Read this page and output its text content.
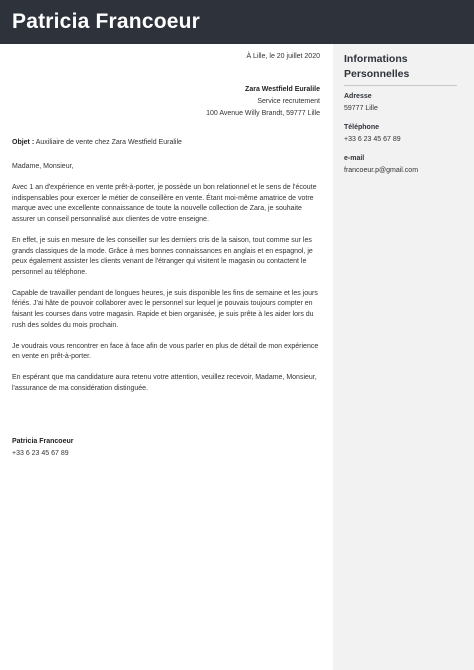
Patricia Francoeur
À Lille, le 20 juillet 2020
Zara Westfield Euralile
Service recrutement
100 Avenue Willy Brandt, 59777 Lille
Objet : Auxiliaire de vente chez Zara Westfield Euralile

Madame, Monsieur,

Avec 1 an d'expérience en vente prêt-à-porter, je possède un bon relationnel et le sens de l'écoute indispensables pour exercer le métier de conseillère en vente. Étant moi-même amatrice de votre marque avec une excellente connaissance de toute la nouvelle collection de Zara, je souhaite assurer un conseil personnalisé aux clientes de votre enseigne.

En effet, je suis en mesure de les conseiller sur les derniers cris de la saison, tout comme sur les grands classiques de la mode. Grâce à mes bonnes connaissances en anglais et en espagnol, je peux également assister les clients venant de l'étranger qui visitent le magasin ou contactent le personnel au téléphone.

Capable de travailler pendant de longues heures, je suis disponible les fins de semaine et les jours fériés. J'ai hâte de pouvoir collaborer avec le personnel sur lequel je pouvais toujours compter en faisant les courses dans votre magasin. Rapide et bien organisée, je suis prête à les aider lors du rush des soldes du mois prochain.

Je voudrais vous rencontrer en face à face afin de vous parler en plus de détail de mon expérience en vente en prêt-à-porter.

En espérant que ma candidature aura retenu votre attention, veuillez recevoir, Madame, Monsieur, l'assurance de ma considération distinguée.

Patricia Francoeur
+33 6 23 45 67 89
Informations Personnelles
Adresse
59777 Lille
Téléphone
+33 6 23 45 67 89
e-mail
francoeur.p@gmail.com
